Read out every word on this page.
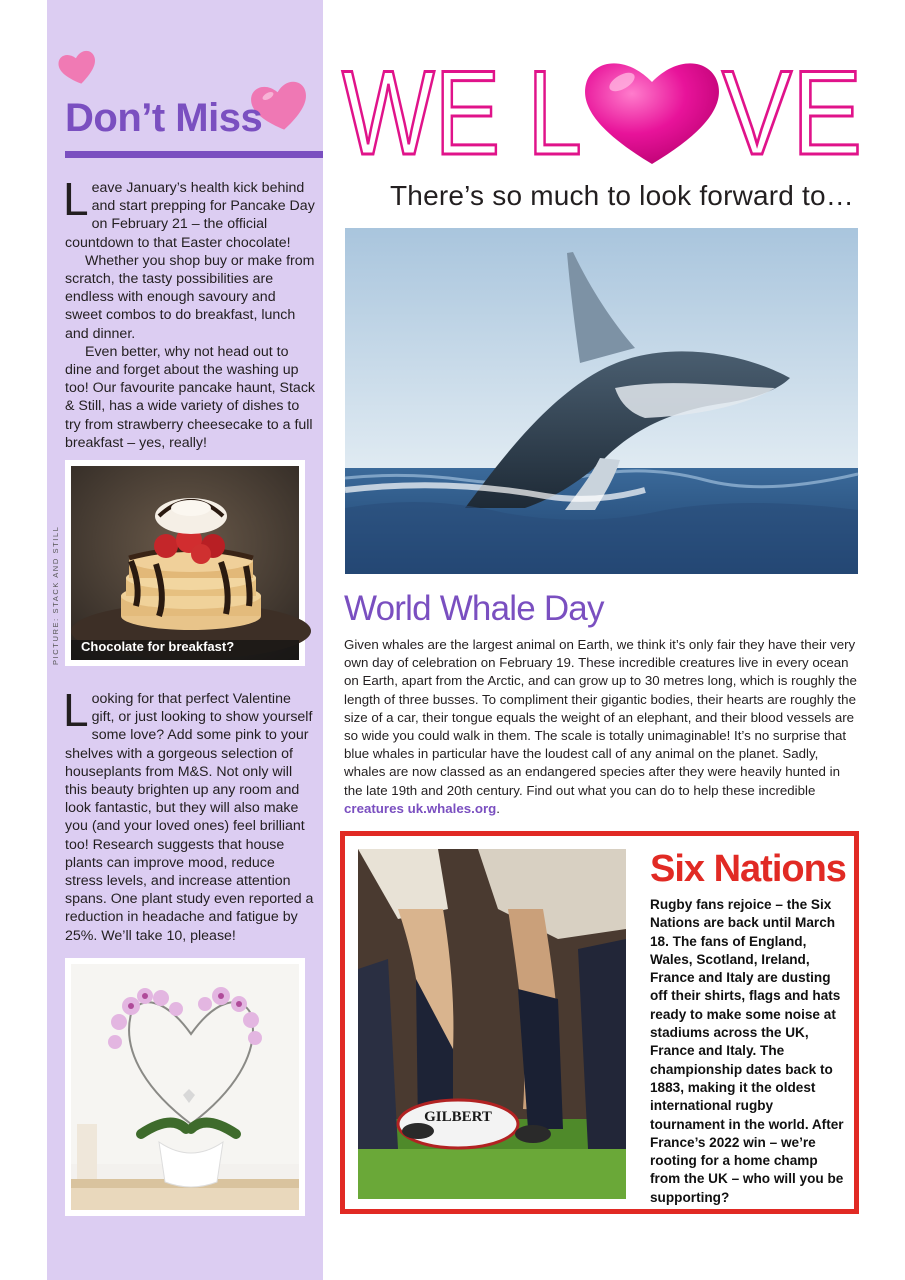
Don’t Miss

Leave January’s health kick behind and start prepping for Pancake Day on February 21 – the official countdown to that Easter chocolate!
Whether you shop buy or make from scratch, the tasty possibilities are endless with enough savoury and sweet combos to do breakfast, lunch and dinner.
Even better, why not head out to dine and forget about the washing up too! Our favourite pancake haunt, Stack & Still, has a wide variety of dishes to try from strawberry cheesecake to a full breakfast – yes, really!

Chocolate for breakfast?
PICTURE: STACK AND STILL

Looking for that perfect Valentine gift, or just looking to show yourself some love? Add some pink to your shelves with a gorgeous selection of houseplants from M&S. Not only will this beauty brighten up any room and look fantastic, but they will also make you (and your loved ones) feel brilliant too! Research suggests that house plants can improve mood, reduce stress levels, and increase attention spans. One plant study even reported a reduction in headache and fatigue by 25%. We’ll take 10, please!

WE L VE

There’s so much to look forward to…

World Whale Day

Given whales are the largest animal on Earth, we think it’s only fair they have their very own day of celebration on February 19. These incredible creatures live in every ocean on Earth, apart from the Arctic, and can grow up to 30 metres long, which is roughly the length of three busses. To compliment their gigantic bodies, their hearts are roughly the size of a car, their tongue equals the weight of an elephant, and their blood vessels are so wide you could walk in them. The scale is totally unimaginable! It’s no surprise that blue whales in particular have the loudest call of any animal on the planet. Sadly, whales are now classed as an endangered species after they were heavily hunted in the late 19th and 20th century. Find out what you can do to help these incredible creatures uk.whales.org.

GILBERT
Six Nations

Rugby fans rejoice – the Six Nations are back until March 18. The fans of England, Wales, Scotland, Ireland, France and Italy are dusting off their shirts, flags and hats ready to make some noise at stadiums across the UK, France and Italy. The championship dates back to 1883, making it the oldest international rugby tournament in the world. After France’s 2022 win – we’re rooting for a home champ from the UK – who will you be supporting?
